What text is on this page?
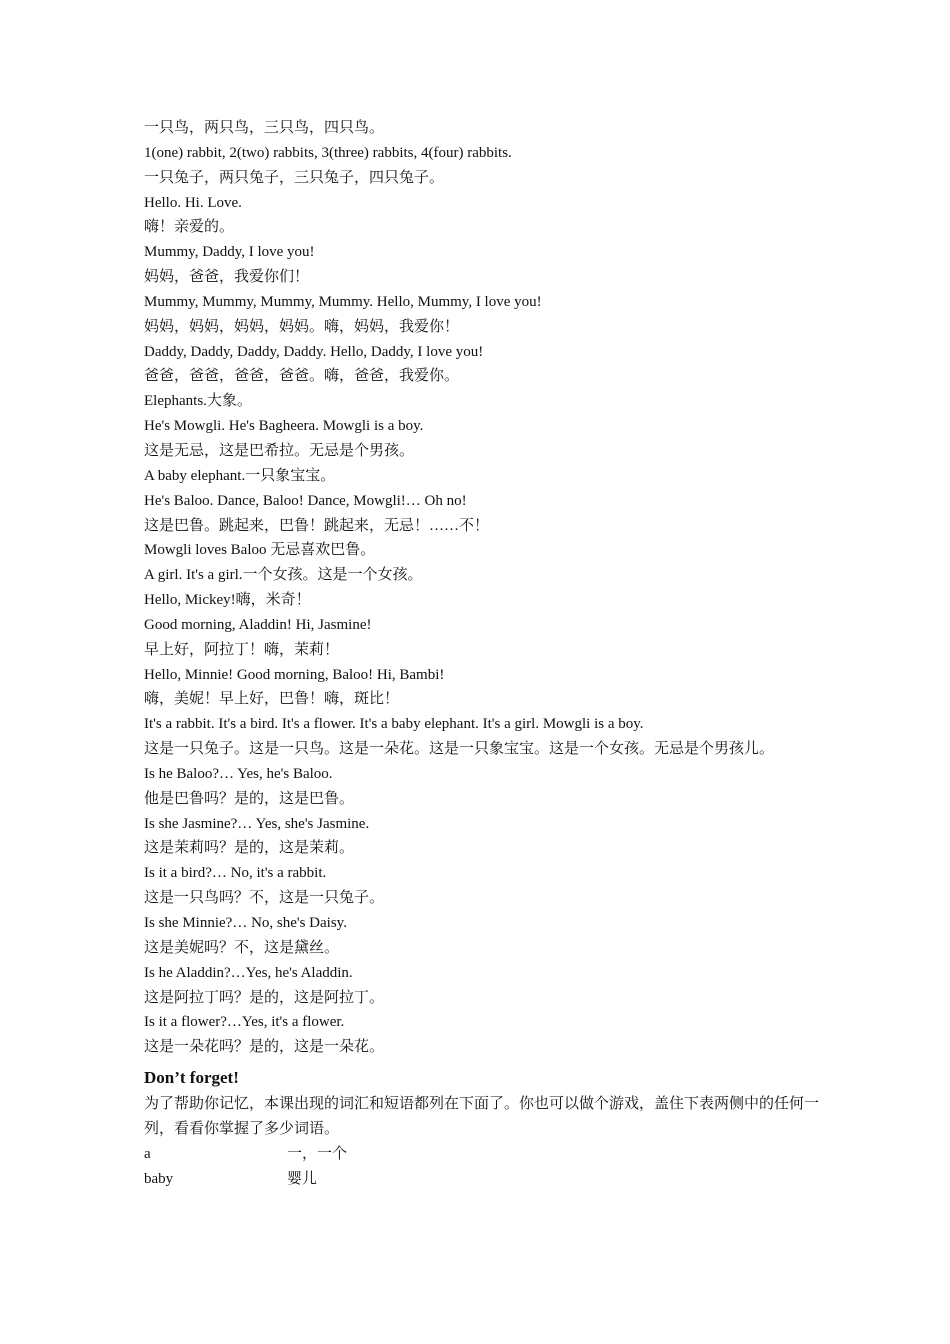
一只鸟，两只鸟，三只鸟，四只鸟。
1(one) rabbit, 2(two) rabbits, 3(three) rabbits, 4(four) rabbits.
一只兔子，两只兔子，三只兔子，四只兔子。
Hello. Hi. Love.
嗨！亲爱的。
Mummy, Daddy, I love you!
妈妈，爸爸，我爱你们！
Mummy, Mummy, Mummy, Mummy. Hello, Mummy, I love you!
妈妈，妈妈，妈妈，妈妈。嗨，妈妈，我爱你！
Daddy, Daddy, Daddy, Daddy. Hello, Daddy, I love you!
爸爸，爸爸，爸爸，爸爸。嗨，爸爸，我爱你。
Elephants.大象。
He's Mowgli. He's Bagheera. Mowgli is a boy.
这是无忌，这是巴希拉。无忌是个男孩。
A baby elephant.一只象宝宝。
He's Baloo. Dance, Baloo! Dance, Mowgli!… Oh no!
这是巴鲁。跳起来，巴鲁！跳起来，无忌！……不！
Mowgli loves Baloo 无忌喜欢巴鲁。
A girl. It's a girl.一个女孩。这是一个女孩。
Hello, Mickey!嗨，米奇！
Good morning, Aladdin! Hi, Jasmine!
早上好，阿拉丁！嗨，茉莉！
Hello, Minnie! Good morning, Baloo! Hi, Bambi!
嗨，美妮！早上好，巴鲁！嗨，斑比！
It's a rabbit. It's a bird. It's a flower. It's a baby elephant. It's a girl. Mowgli is a boy.
这是一只兔子。这是一只鸟。这是一朵花。这是一只象宝宝。这是一个女孩。无忌是个男孩儿。
Is he Baloo?… Yes, he's Baloo.
他是巴鲁吗？是的，这是巴鲁。
Is she Jasmine?… Yes, she's Jasmine.
这是茉莉吗？是的，这是茉莉。
Is it a bird?… No, it's a rabbit.
这是一只鸟吗？不，这是一只兔子。
Is she Minnie?… No, she's Daisy.
这是美妮吗？不，这是黛丝。
Is he Aladdin?…Yes, he's Aladdin.
这是阿拉丁吗？是的，这是阿拉丁。
Is it a flower?…Yes, it's a flower.
这是一朵花吗？是的，这是一朵花。
Don’t forget!
为了帮助你记忆，本课出现的词汇和短语都列在下面了。你也可以做个游戏，盖住下表两侧中的任何一列，看看你掌握了多少词语。
a	一，一个
baby	婴儿
